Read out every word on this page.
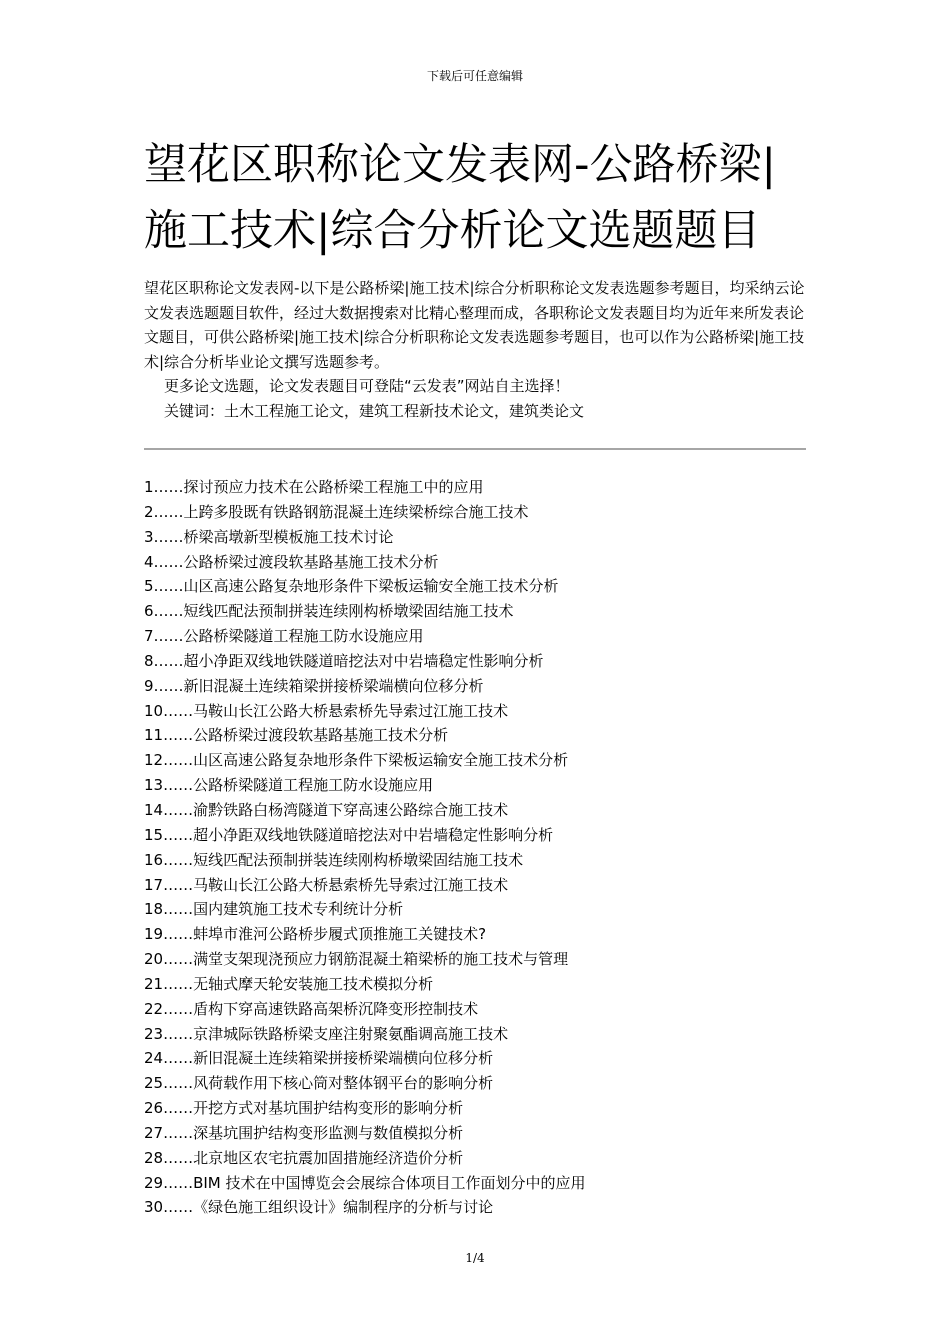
下载后可任意编辑
望花区职称论文发表网-公路桥梁|
施工技术|综合分析论文选题题目

望花区职称论文发表网-以下是公路桥梁|施工技术|综合分析职称论文发表选题参考题目，均采纳云论文发表选题题目软件，经过大数据搜索对比精心整理而成，各职称论文发表题目均为近年来所发表论文题目，可供公路桥梁|施工技术|综合分析职称论文发表选题参考题目，也可以作为公路桥梁|施工技术|综合分析毕业论文撰写选题参考。

更多论文选题，论文发表题目可登陆“云发表”网站自主选择！

关键词：土木工程施工论文，建筑工程新技术论文，建筑类论文

1……探讨预应力技术在公路桥梁工程施工中的应用
2……上跨多股既有铁路钢筋混凝土连续梁桥综合施工技术
3……桥梁高墩新型模板施工技术讨论
4……公路桥梁过渡段软基路基施工技术分析
5……山区高速公路复杂地形条件下梁板运输安全施工技术分析
6……短线匹配法预制拼装连续刚构桥墩梁固结施工技术
7……公路桥梁隧道工程施工防水设施应用
8……超小净距双线地铁隧道暗挖法对中岩墙稳定性影响分析
9……新旧混凝土连续箱梁拼接桥梁端横向位移分析
10……马鞍山长江公路大桥悬索桥先导索过江施工技术
11……公路桥梁过渡段软基路基施工技术分析
12……山区高速公路复杂地形条件下梁板运输安全施工技术分析
13……公路桥梁隧道工程施工防水设施应用
14……渝黔铁路白杨湾隧道下穿高速公路综合施工技术
15……超小净距双线地铁隧道暗挖法对中岩墙稳定性影响分析
16……短线匹配法预制拼装连续刚构桥墩梁固结施工技术
17……马鞍山长江公路大桥悬索桥先导索过江施工技术
18……国内建筑施工技术专利统计分析
19……蚌埠市淮河公路桥步履式顶推施工关键技术?
20……满堂支架现浇预应力钢筋混凝土箱梁桥的施工技术与管理
21……无轴式摩天轮安装施工技术模拟分析
22……盾构下穿高速铁路高架桥沉降变形控制技术
23……京津城际铁路桥梁支座注射聚氨酯调高施工技术
24……新旧混凝土连续箱梁拼接桥梁端横向位移分析
25……风荷载作用下核心筒对整体钢平台的影响分析
26……开挖方式对基坑围护结构变形的影响分析
27……深基坑围护结构变形监测与数值模拟分析
28……北京地区农宅抗震加固措施经济造价分析
29……BIM 技术在中国博览会会展综合体项目工作面划分中的应用
30……《绿色施工组织设计》编制程序的分析与讨论
1/4
